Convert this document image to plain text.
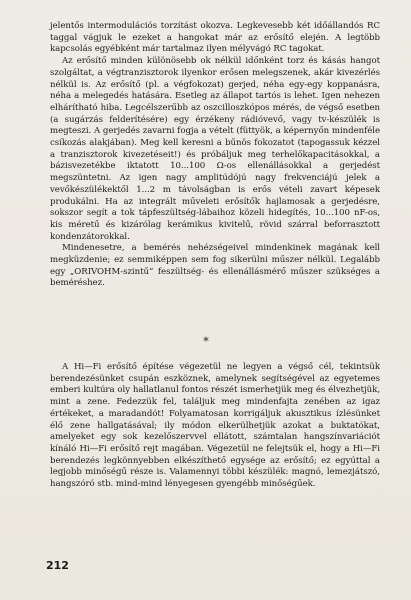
jelentős intermodulációs torzítást okozva. Legkevesebb két időállandós RC taggal vágjuk le ezeket a hangokat már az erősítő elején. A legtöbb kapcsolás egyébként már tartalmaz ilyen mélyvágó RC tagokat.

Az erősítő minden különösebb ok nélkül időnként torz és kásás hangot szolgáltat, a végtranzisztorok ilyenkor erősen melegszenek, akár kivezérlés nélkül is. Az erősítő (pl. a végfokozat) gerjed, néha egy-egy koppanásra, néha a melegedés hatására. Esetleg az állapot tartós is lehet. Igen nehezen elhárítható hiba. Legcélszerűbb az oszcilloszkópos mérés, de végső esetben (a sugárzás felderítésére) egy érzékeny rádióvevő, vagy tv-készülék is megteszi. A gerjedés zavarni fogja a vételt (füttyök, a képernyőn mindenféle csíkozás alakjában). Meg kell keresni a bűnös fokozatot (tapogassuk kézzel a tranzisztorok kivezetéseit!) és próbáljuk meg terhelőkapacitásokkal, a bázisvezetékbe iktatott 10...100 Ω-os ellenállásokkal a gerjedést megszüntetni. Az igen nagy amplitúdójú nagy frekvenciájú jelek a vevőkészülékektől 1...2 m távolságban is erős vételi zavart képesek produkálni. Ha az integrált műveleti erősítők hajlamosak a gerjedésre, sokszor segít a tok tápfeszültség-lábaihoz közeli hidegítés, 10...100 nF-os, kis méretű és kizárólag kerámikus kivitelű, rövid szárral beforrasztott kondenzátorokkal.

Mindenesetre, a bemérés nehézségeivel mindenkinek magának kell megküzdenie; ez semmiképpen sem fog sikerülni műszer nélkül. Legalább egy „ORIVOHM-szintű” feszültség- és ellenállásmérő műszer szükséges a beméréshez.

*

A Hi—Fi erősítő építése végezetül ne legyen a végső cél, tekintsük berendezésünket csupán eszköznek, amelynek segítségével az egyetemes emberi kultúra oly hallatlanul fontos részét ismerhetjük meg és élvezhetjük, mint a zene. Fedezzük fel, találjuk meg mindenfajta zenében az igaz értékeket, a maradandót! Folyamatosan korrigáljuk akusztikus ízlésünket élő zene hallgatásával; ily módon elkerülhetjük azokat a buktatókat, amelyeket egy sok kezelőszervvel ellátott, számtalan hangszínvariációt kínáló Hi—Fi erősítő rejt magában. Végezetül ne felejtsük el, hogy a Hi—Fi berendezés legkönnyebben elkészíthető egysége az erősítő; ez egyúttal a legjobb minőségű része is. Valamennyi többi készülék: magnó, lemezjátszó, hangszóró stb. mind-mind lényegesen gyengébb minőségűek.

212
